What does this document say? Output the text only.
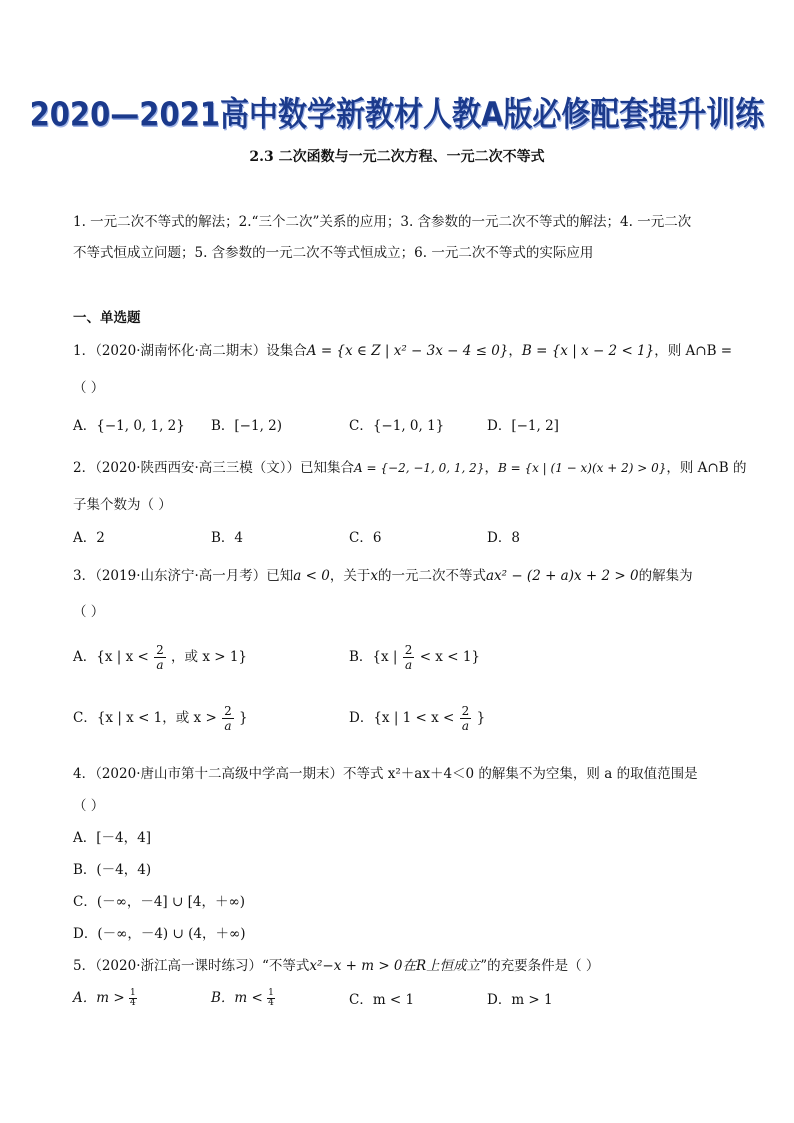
2020—2021高中数学新教材人教A版必修配套提升训练
2.3 二次函数与一元二次方程、一元二次不等式
1. 一元二次不等式的解法；2.“三个二次”关系的应用；3. 含参数的一元二次不等式的解法；4. 一元二次
不等式恒成立问题；5. 含参数的一元二次不等式恒成立；6. 一元二次不等式的实际应用
一、单选题
1．（2020·湖南怀化·高二期末）设集合A = {x ∈ Z | x² − 3x − 4 ≤ 0}，B = {x | x − 2 < 1}，则 A∩B =
（ ）
A．{−1, 0, 1, 2} B．[−1, 2)	C．{−1, 0, 1}	D．[−1, 2]
2．（2020·陕西西安·高三三模（文））已知集合A = {−2, −1, 0, 1, 2}，B = {x | (1 − x)(x + 2) > 0}，则 A∩B 的
子集个数为（ ）
A．2	B．4	C．6	D．8
3．（2019·山东济宁·高一月考）已知a < 0，关于x的一元二次不等式ax² − (2 + a)x + 2 > 0的解集为
（ ）
A．{x | $x < \frac{2}{a}$ ，或 x > 1}	B．{x | $\frac{2}{a} < x < 1$}
C．{x | x < 1，或 $x > \frac{2}{a}$ }	D．{x | $1 < x < \frac{2}{a}$ }
4．（2020·唐山市第十二高级中学高一期末）不等式 x²＋ax＋4＜0 的解集不为空集，则 a 的取值范围是
（ ）
A．[－4，4]
B．(－4，4)
C．(－∞，－4] ∪ [4，＋∞)
D．(－∞，－4) ∪ (4，＋∞)
5．（2020·浙江高一课时练习）“不等式x²−x + m > 0在R上恒成立”的充要条件是（ ）
A．$m > \frac{1}{4}$	B．$m < \frac{1}{4}$	C．m < 1	D．m > 1
